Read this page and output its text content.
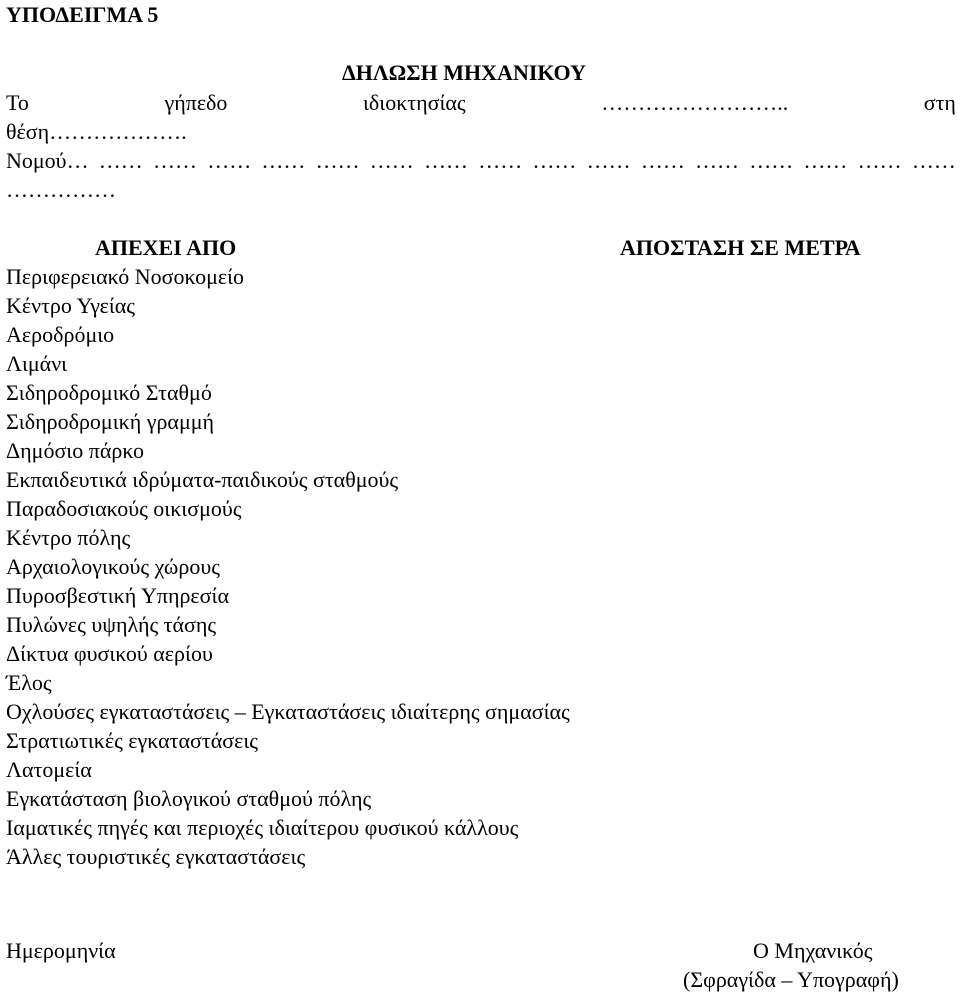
ΥΠΟΔΕΙΓΜΑ 5
ΔΗΛΩΣΗ ΜΗΧΑΝΙΚΟΥ
Το	γήπεδο	ιδιοκτησίας	……………………..	στη
θέση……………….
Νομού… …… …… …… …… …… …… …… …… …… …… …… …… …… …… …… ……
……………
ΑΠΕΧΕΙ ΑΠΟ	ΑΠΟΣΤΑΣΗ ΣΕ ΜΕΤΡΑ
Περιφερειακό Νοσοκομείο
Κέντρο Υγείας
Αεροδρόμιο
Λιμάνι
Σιδηροδρομικό Σταθμό
Σιδηροδρομική γραμμή
Δημόσιο πάρκο
Εκπαιδευτικά ιδρύματα-παιδικούς σταθμούς
Παραδοσιακούς οικισμούς
Κέντρο πόλης
Αρχαιολογικούς χώρους
Πυροσβεστική Υπηρεσία
Πυλώνες υψηλής τάσης
Δίκτυα φυσικού αερίου
Έλος
Οχλούσες εγκαταστάσεις – Εγκαταστάσεις ιδιαίτερης σημασίας
Στρατιωτικές εγκαταστάσεις
Λατομεία
Εγκατάσταση βιολογικού σταθμού πόλης
Ιαματικές πηγές και περιοχές ιδιαίτερου φυσικού κάλλους
Άλλες τουριστικές εγκαταστάσεις
Ημερομηνία	Ο Μηχανικός
(Σφραγίδα – Υπογραφή)
